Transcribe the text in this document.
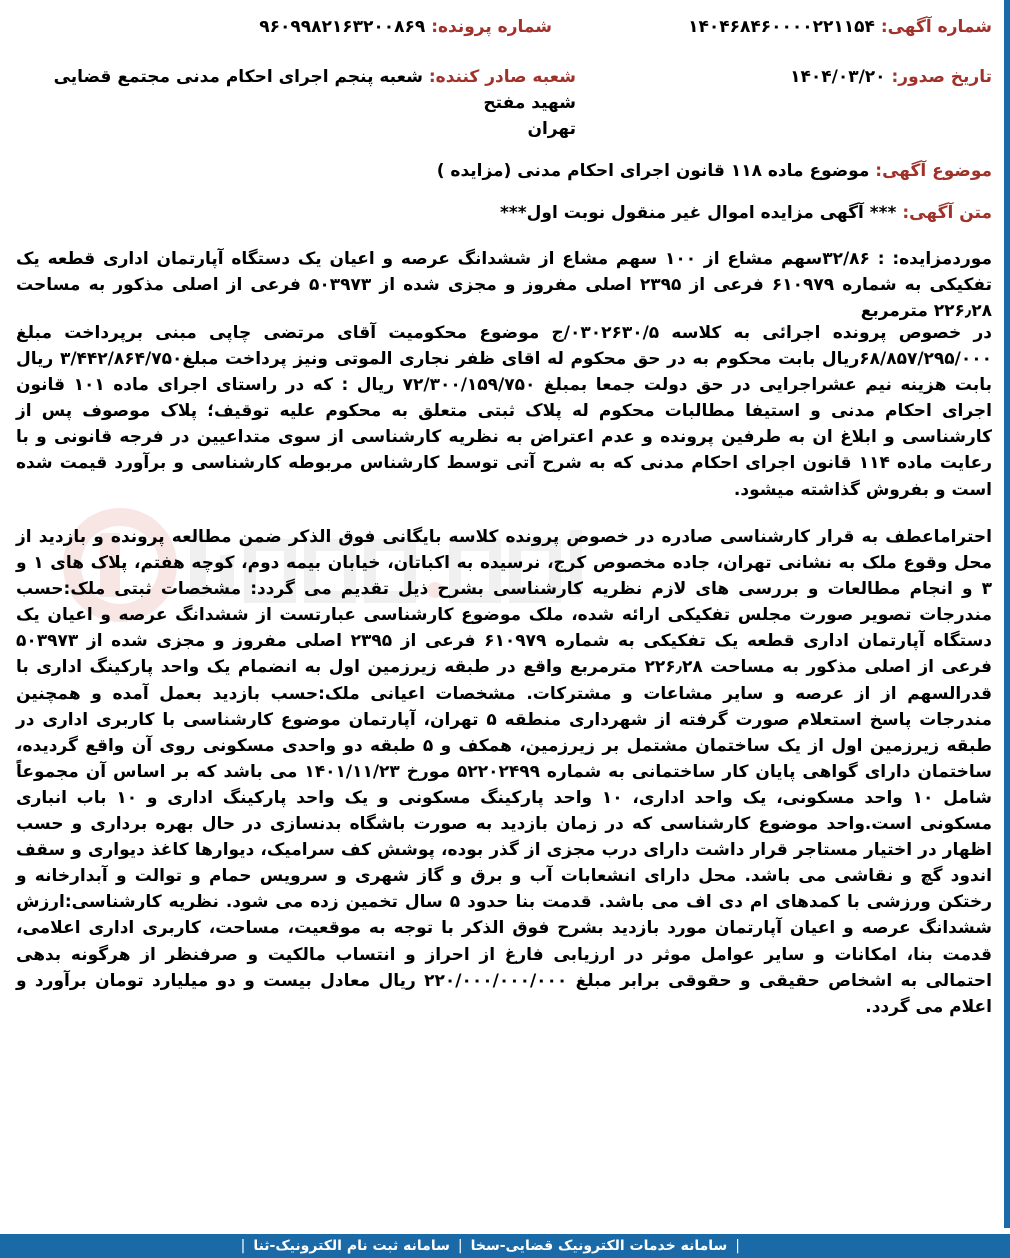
شماره آگهی: ۱۴۰۴۶۸۴۶۰۰۰۰۲۲۱۱۵۴
شماره پرونده: ۹۶۰۹۹۸۲۱۶۳۲۰۰۸۶۹
تاریخ صدور: ۱۴۰۴/۰۳/۲۰
شعبه صادر کننده: شعبه پنجم اجرای احکام مدنی مجتمع قضایی شهید مفتح
تهران
موضوع آگهی: موضوع ماده ۱۱۸ قانون اجرای احکام مدنی (مزایده )
متن آگهی: *** آگهی مزایده اموال غیر منقول نوبت اول***
موردمزایده: : ۳۲/۸۶سهم مشاع از ۱۰۰ سهم مشاع از ششدانگ عرصه و اعیان یک دستگاه آپارتمان اداری قطعه یک تفکیکی به شماره ۶۱۰۹۷۹ فرعی از ۲۳۹۵ اصلی مفروز و مجزی شده از ۵۰۳۹۷۳ فرعی از اصلی مذکور به مساحت ۲۲۶٫۲۸ مترمربع
در خصوص پرونده اجرائی به کلاسه ۰۳۰۲۶۳۰/۵/ج موضوع محکومیت آقای مرتضی چاپی مبنی برپرداخت مبلغ ۶۸/۸۵۷/۲۹۵/۰۰۰ریال بابت محکوم به در حق محکوم له اقای ظفر نجاری الموتی ونیز پرداخت مبلغ۳/۴۴۲/۸۶۴/۷۵۰ ریال بابت هزینه نیم عشراجرایی در حق دولت جمعا بمبلغ ۷۲/۳۰۰/۱۵۹/۷۵۰ ریال : که در راستای اجرای ماده ۱۰۱ قانون اجرای احکام مدنی و استیفا مطالبات محکوم له پلاک ثبتی متعلق به محکوم علیه توقیف؛ پلاک موصوف پس از کارشناسی و ابلاغ ان به طرفین پرونده و عدم اعتراض به نظریه کارشناسی از سوی متداعیین در فرجه قانونی و با رعایت ماده ۱۱۴ قانون اجرای احکام مدنی که به شرح آتی توسط کارشناس مربوطه کارشناسی و برآورد قیمت شده است و بفروش گذاشته میشود.
احتراماعطف به قرار کارشناسی صادره در خصوص پرونده کلاسه بایگانی فوق الذکر ضمن مطالعه پرونده و بازدید از محل وقوع ملک به نشانی تهران، جاده مخصوص کرج، نرسیده به اکباتان، خیابان بیمه دوم، کوچه هفتم، پلاک های ۱ و ۳ و انجام مطالعات و بررسی های لازم نظریه کارشناسی بشرح ذیل تقدیم می گردد: مشخصات ثبتی ملک:حسب مندرجات تصویر صورت مجلس تفکیکی ارائه شده، ملک موضوع کارشناسی عبارتست از ششدانگ عرصه و اعیان یک دستگاه آپارتمان اداری قطعه یک تفکیکی به شماره ۶۱۰۹۷۹ فرعی از ۲۳۹۵ اصلی مفروز و مجزی شده از ۵۰۳۹۷۳ فرعی از اصلی مذکور به مساحت ۲۲۶٫۲۸ مترمربع واقع در طبقه زیرزمین اول به انضمام یک واحد پارکینگ اداری با قدرالسهم از از عرصه و سایر مشاعات و مشترکات. مشخصات اعیانی ملک:حسب بازدید بعمل آمده و همچنین مندرجات پاسخ استعلام صورت گرفته از شهرداری منطقه ۵ تهران، آپارتمان موضوع کارشناسی با کاربری اداری در طبقه زیرزمین اول از یک ساختمان مشتمل بر زیرزمین، همکف و ۵ طبقه دو واحدی مسکونی روی آن واقع گردیده، ساختمان دارای گواهی پایان کار ساختمانی به شماره ۵۲۲۰۲۴۹۹ مورخ ۱۴۰۱/۱۱/۲۳ می باشد که بر اساس آن مجموعاً شامل ۱۰ واحد مسکونی، یک واحد اداری، ۱۰ واحد پارکینگ مسکونی و یک واحد پارکینگ اداری و ۱۰ باب انباری مسکونی است.واحد موضوع کارشناسی که در زمان بازدید به صورت باشگاه بدنسازی در حال بهره برداری و حسب اظهار در اختیار مستاجر قرار داشت دارای درب مجزی از گذر بوده، پوشش کف سرامیک، دیوارها کاغذ دیواری و سقف اندود گچ و نقاشی می باشد. محل دارای انشعابات آب و برق و گاز شهری و سرویس حمام و توالت و آبدارخانه و رختکن ورزشی با کمدهای ام دی اف می باشد. قدمت بنا حدود ۵ سال تخمین زده می شود. نظریه کارشناسی:ارزش ششدانگ عرصه و اعیان آپارتمان مورد بازدید بشرح فوق الذکر با توجه به موقعیت، مساحت، کاربری اداری اعلامی، قدمت بنا، امکانات و سایر عوامل موثر در ارزیابی فارغ از احراز و انتساب مالکیت و صرفنظر از هرگونه بدهی احتمالی به اشخاص حقیقی و حقوقی برابر مبلغ ۲۲۰/۰۰۰/۰۰۰/۰۰۰ ریال معادل بیست و دو میلیارد تومان برآورد و اعلام می گردد.
|
سامانه خدمات الکترونیک قضایی-سخا
|
سامانه ثبت نام الکترونیک-ثنا
|
